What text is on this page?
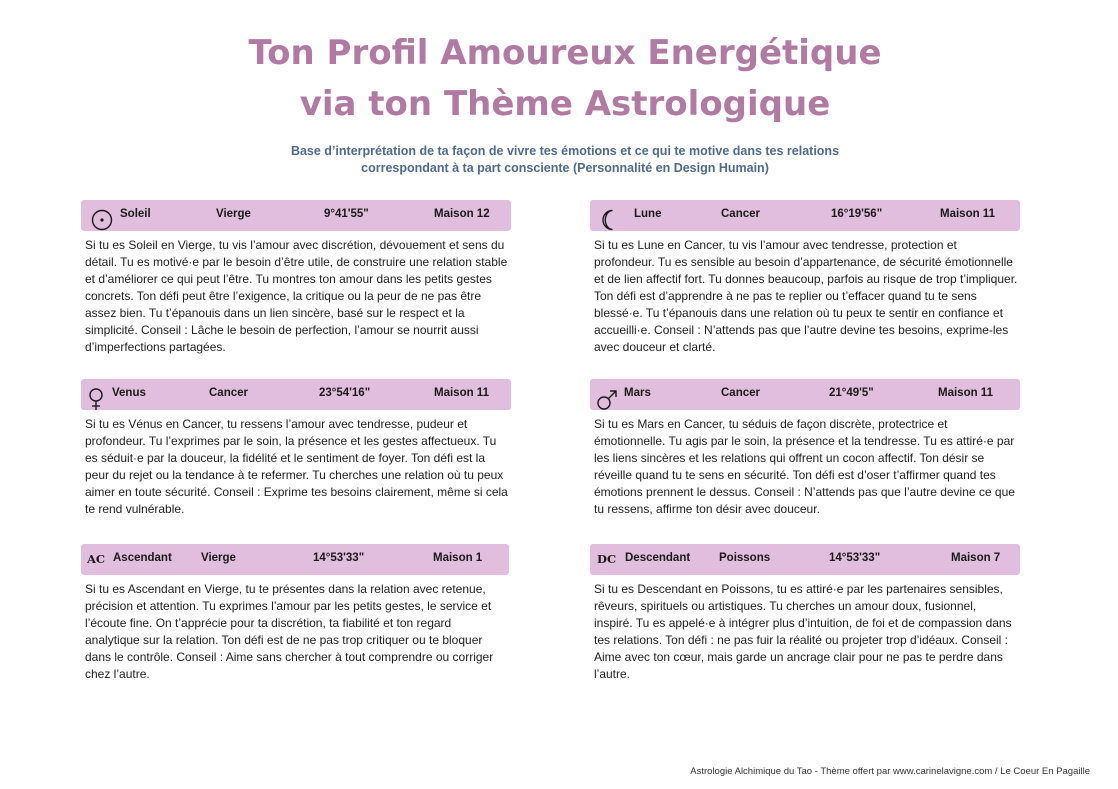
Ton Profil Amoureux Energétique
via ton Thème Astrologique

Base d’interprétation de ta façon de vivre tes émotions et ce qui te motive dans tes relations

correspondant à ta part consciente (Personnalité en Design Humain)

Soleil	Vierge	9°41'55"	Maison 12

Si tu es Soleil en Vierge, tu vis l’amour avec discrétion, dévouement et sens du détail. Tu es motivé·e par le besoin d’être utile, de construire une relation stable et d’améliorer ce qui peut l’être. Tu montres ton amour dans les petits gestes concrets. Ton défi peut être l’exigence, la critique ou la peur de ne pas être assez bien. Tu t’épanouis dans un lien sincère, basé sur le respect et la simplicité. Conseil : Lâche le besoin de perfection, l’amour se nourrit aussi d’imperfections partagées.

Lune	Cancer	16°19'56"	Maison 11

Si tu es Lune en Cancer, tu vis l’amour avec tendresse, protection et profondeur. Tu es sensible au besoin d’appartenance, de sécurité émotionnelle et de lien affectif fort. Tu donnes beaucoup, parfois au risque de trop t’impliquer. Ton défi est d’apprendre à ne pas te replier ou t’effacer quand tu te sens blessé·e. Tu t’épanouis dans une relation où tu peux te sentir en confiance et accueilli·e. Conseil : N’attends pas que l’autre devine tes besoins, exprime-les avec douceur et clarté.

Venus	Cancer	23°54'16"	Maison 11

Si tu es Vénus en Cancer, tu ressens l’amour avec tendresse, pudeur et profondeur. Tu l’exprimes par le soin, la présence et les gestes affectueux. Tu es séduit·e par la douceur, la fidélité et le sentiment de foyer. Ton défi est la peur du rejet ou la tendance à te refermer. Tu cherches une relation où tu peux aimer en toute sécurité. Conseil : Exprime tes besoins clairement, même si cela te rend vulnérable.

Mars	Cancer	21°49'5"	Maison 11

Si tu es Mars en Cancer, tu séduis de façon discrète, protectrice et émotionnelle. Tu agis par le soin, la présence et la tendresse. Tu es attiré·e par les liens sincères et les relations qui offrent un cocon affectif. Ton désir se réveille quand tu te sens en sécurité. Ton défi est d’oser t’affirmer quand tes émotions prennent le dessus. Conseil : N’attends pas que l’autre devine ce que tu ressens, affirme ton désir avec douceur.

AC Ascendant	Vierge	14°53'33"	Maison 1

Si tu es Ascendant en Vierge, tu te présentes dans la relation avec retenue, précision et attention. Tu exprimes l’amour par les petits gestes, le service et l’écoute fine. On t’apprécie pour ta discrétion, ta fiabilité et ton regard analytique sur la relation. Ton défi est de ne pas trop critiquer ou te bloquer dans le contrôle. Conseil : Aime sans chercher à tout comprendre ou corriger chez l’autre.

DC Descendant	Poissons	14°53'33"	Maison 7

Si tu es Descendant en Poissons, tu es attiré·e par les partenaires sensibles, rêveurs, spirituels ou artistiques. Tu cherches un amour doux, fusionnel, inspiré. Tu es appelé·e à intégrer plus d’intuition, de foi et de compassion dans tes relations. Ton défi : ne pas fuir la réalité ou projeter trop d’idéaux. Conseil : Aime avec ton cœur, mais garde un ancrage clair pour ne pas te perdre dans l’autre.

Astrologie Alchimique du Tao - Thème offert par www.carinelavigne.com / Le Coeur En Pagaille
